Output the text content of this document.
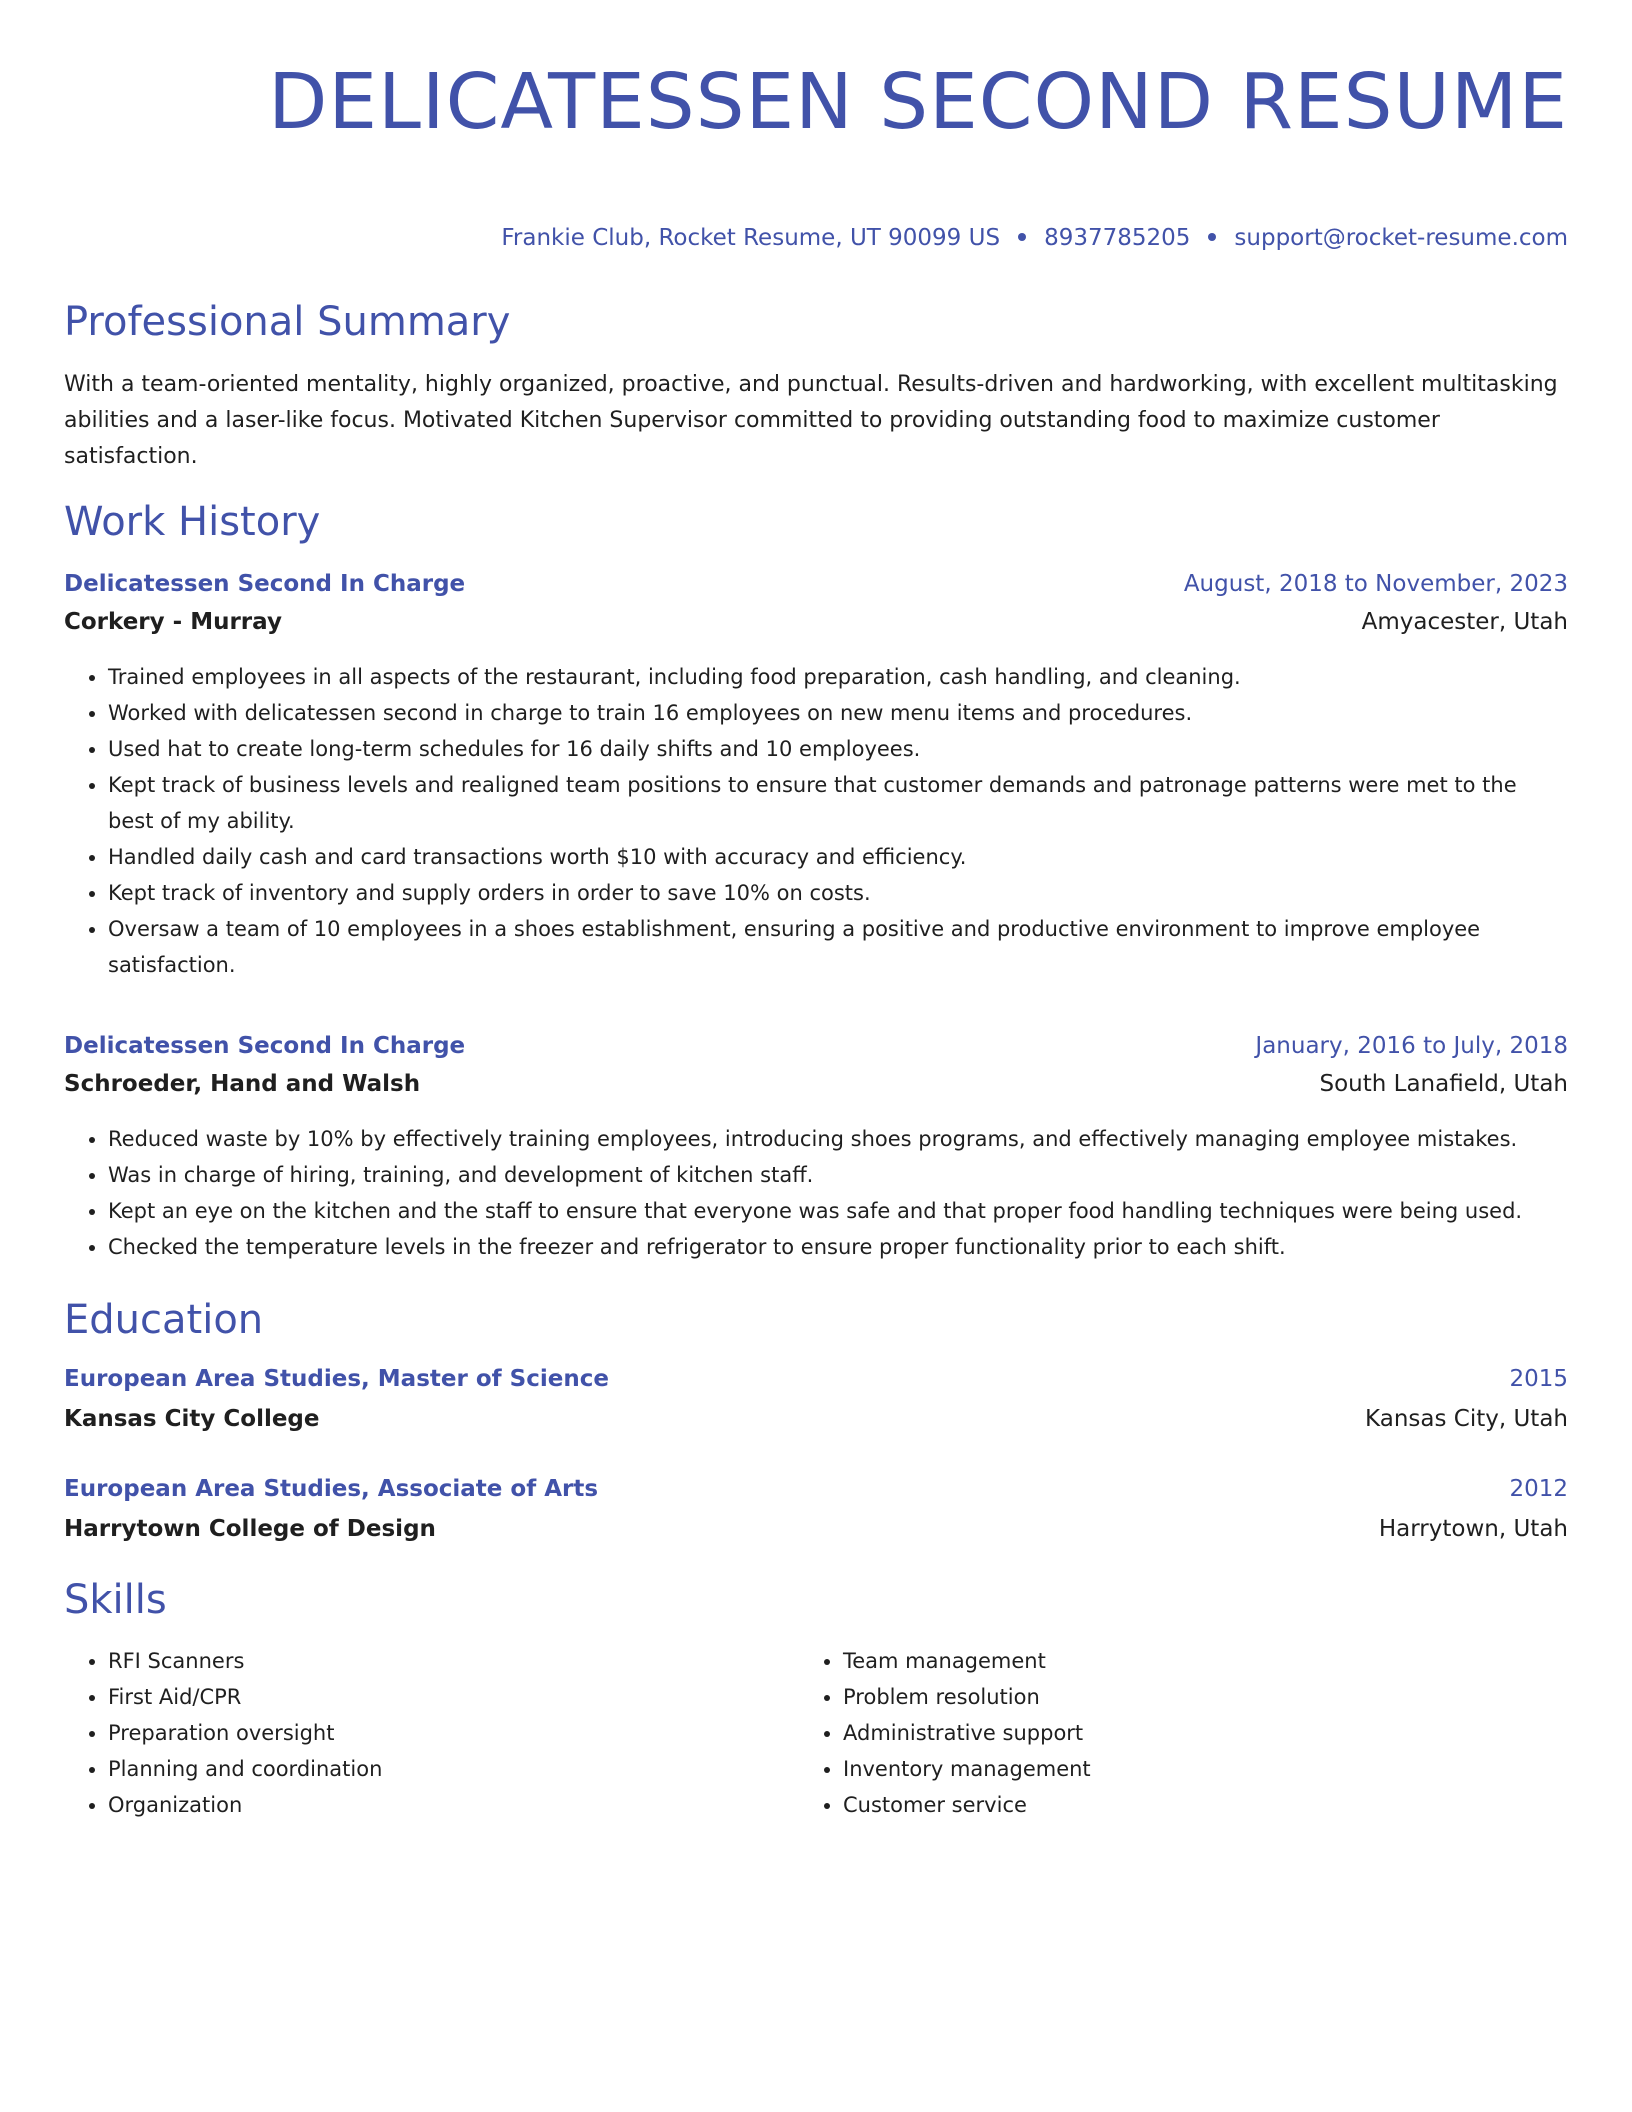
DELICATESSEN SECOND RESUME
Frankie Club, Rocket Resume, UT 90099 US 8937785205 support@rocket-resume.com
Professional Summary
With a team-oriented mentality, highly organized, proactive, and punctual. Results-driven and hardworking, with excellent multitasking abilities and a laser-like focus. Motivated Kitchen Supervisor committed to providing outstanding food to maximize customer satisfaction.
Work History
Delicatessen Second In Charge	August, 2018 to November, 2023
Corkery - Murray	Amyacester, Utah
• Trained employees in all aspects of the restaurant, including food preparation, cash handling, and cleaning.
• Worked with delicatessen second in charge to train 16 employees on new menu items and procedures.
• Used hat to create long-term schedules for 16 daily shifts and 10 employees.
• Kept track of business levels and realigned team positions to ensure that customer demands and patronage patterns were met to the best of my ability.
• Handled daily cash and card transactions worth $10 with accuracy and efficiency.
• Kept track of inventory and supply orders in order to save 10% on costs.
• Oversaw a team of 10 employees in a shoes establishment, ensuring a positive and productive environment to improve employee satisfaction.
Delicatessen Second In Charge	January, 2016 to July, 2018
Schroeder, Hand and Walsh	South Lanafield, Utah
• Reduced waste by 10% by effectively training employees, introducing shoes programs, and effectively managing employee mistakes.
• Was in charge of hiring, training, and development of kitchen staff.
• Kept an eye on the kitchen and the staff to ensure that everyone was safe and that proper food handling techniques were being used.
• Checked the temperature levels in the freezer and refrigerator to ensure proper functionality prior to each shift.
Education
European Area Studies, Master of Science	2015
Kansas City College	Kansas City, Utah
European Area Studies, Associate of Arts	2012
Harrytown College of Design	Harrytown, Utah
Skills
• RFI Scanners
• First Aid/CPR
• Preparation oversight
• Planning and coordination
• Organization
• Team management
• Problem resolution
• Administrative support
• Inventory management
• Customer service
